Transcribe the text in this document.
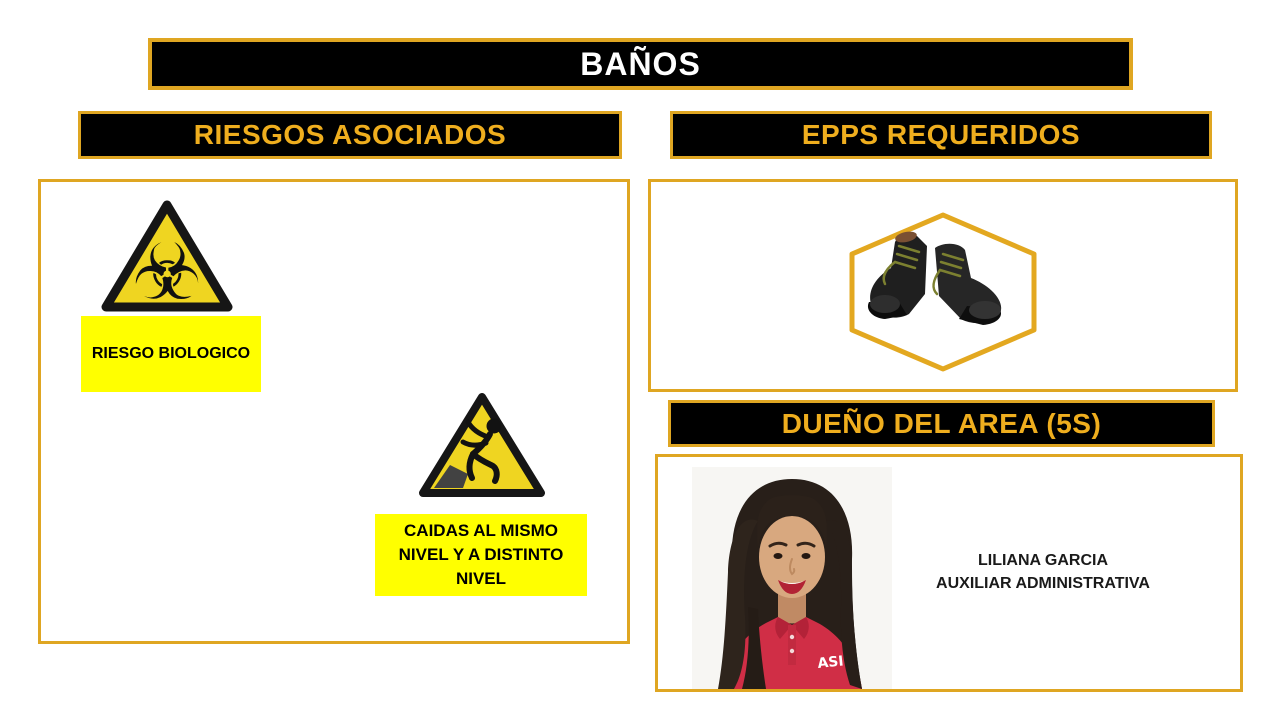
BAÑOS
RIESGOS ASOCIADOS	EPPS REQUERIDOS
☣
RIESGO BIOLOGICO
CAIDAS AL MISMO
NIVEL Y A DISTINTO
NIVEL
DUEÑO DEL AREA (5S)
ASI
LILIANA GARCIA
AUXILIAR ADMINISTRATIVA
